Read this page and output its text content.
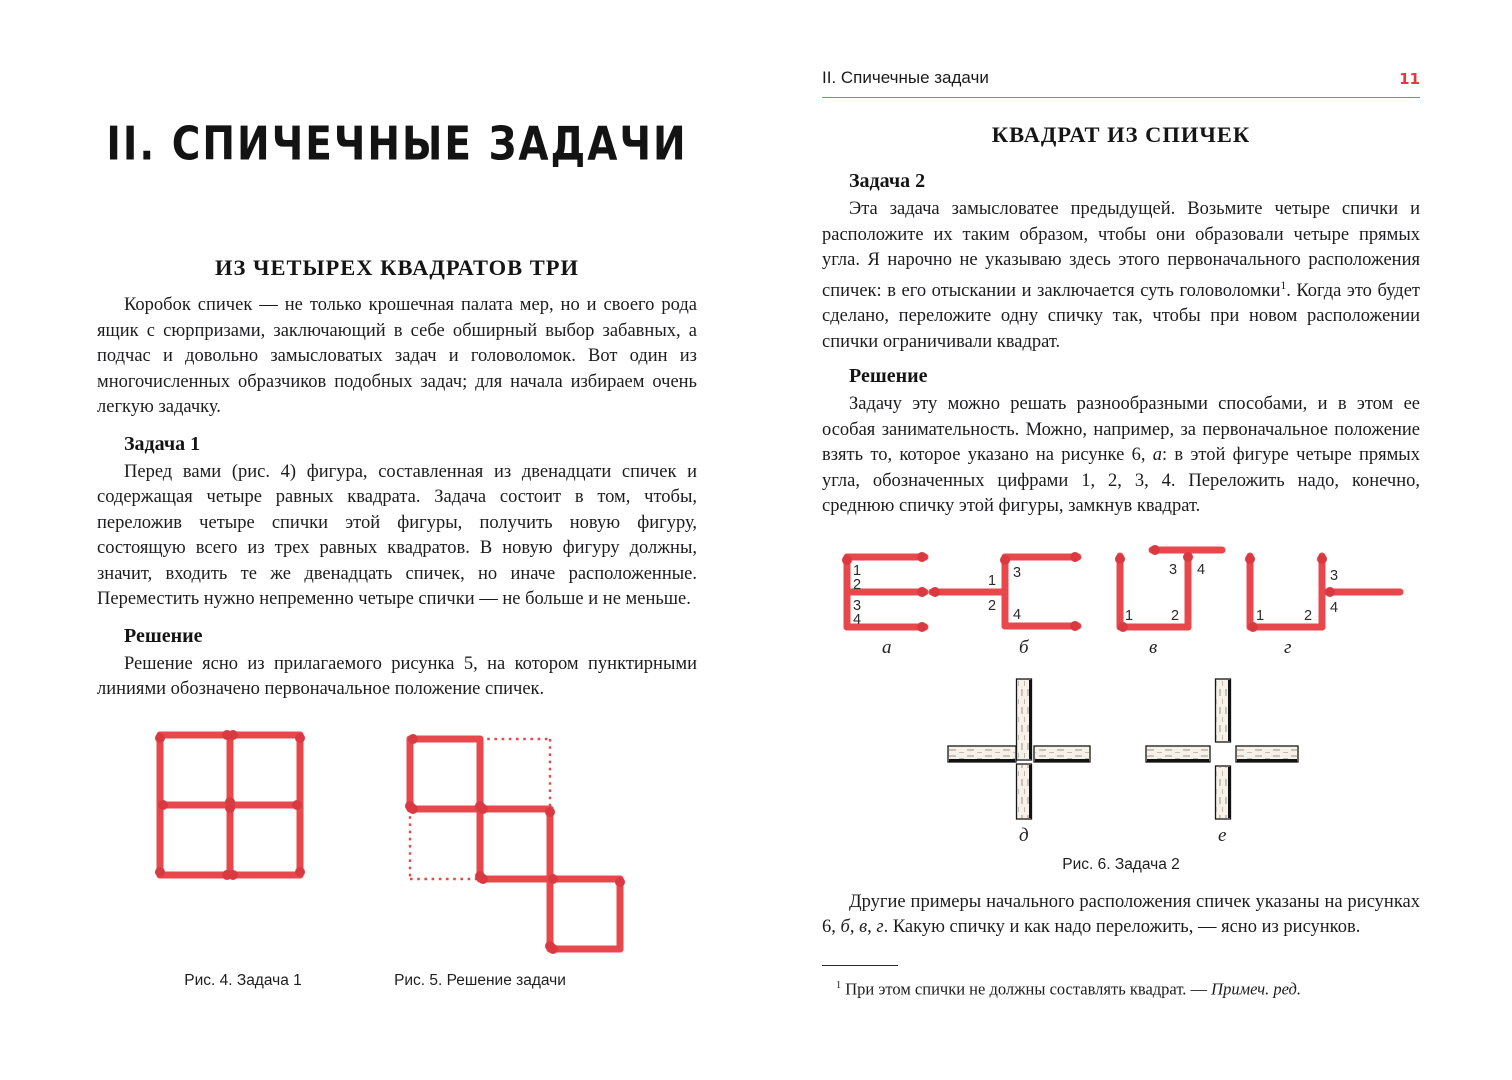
II. СПИЧЕЧНЫЕ ЗАДАЧИ
ИЗ ЧЕТЫРЕХ КВАДРАТОВ ТРИ

Коробок спичек — не только крошечная палата мер, но и своего рода ящик с сюрпризами, заключающий в себе обширный выбор забавных, а подчас и довольно замысловатых задач и головоломок. Вот один из многочисленных образчиков подобных задач; для начала избираем очень легкую задачку.

Задача 1

Перед вами (рис. 4) фигура, составленная из двенадцати спичек и содержащая четыре равных квадрата. Задача состоит в том, чтобы, переложив четыре спички этой фигуры, получить новую фигуру, состоящую всего из трех равных квадратов. В новую фигуру должны, значит, входить те же двенадцать спичек, но иначе расположенные. Переместить нужно непременно четыре спички — не больше и не меньше.

Решение

Решение ясно из прилагаемого рисунка 5, на котором пунктирными линиями обозначено первоначальное положение спичек.

Рис. 4. Задача 1	Рис. 5. Решение задачи
II. Спичечные задачи	11
КВАДРАТ ИЗ СПИЧЕК
Задача 2

Эта задача замысловатее предыдущей. Возьмите четыре спички и расположите их таким образом, чтобы они образовали четыре прямых угла. Я нарочно не указываю здесь этого первоначального расположения спичек: в его отыскании и заключается суть головоломки$^1$. Когда это будет сделано, переложите одну спичку так, чтобы при новом расположении спички ограничивали квадрат.

Решение

Задачу эту можно решать разнообразными способами, и в этом ее особая занимательность. Можно, например, за первоначальное положение взять то, которое указано на рисунке 6, а: в этой фигуре четыре прямых угла, обозначенных цифрами 1, 2, 3, 4. Переложить надо, конечно, среднюю спичку этой фигуры, замкнув квадрат.

1
2
3
4
а
1
2
3
4
б
1	2
3 4
в
1	2
3
4
г
д	е
Рис. 6. Задача 2

Другие примеры начального расположения спичек указаны на рисунках 6, б, в, г. Какую спичку и как надо переложить, — ясно из рисунков.

$^1$ При этом спички не должны составлять квадрат. — Примеч. ред.
